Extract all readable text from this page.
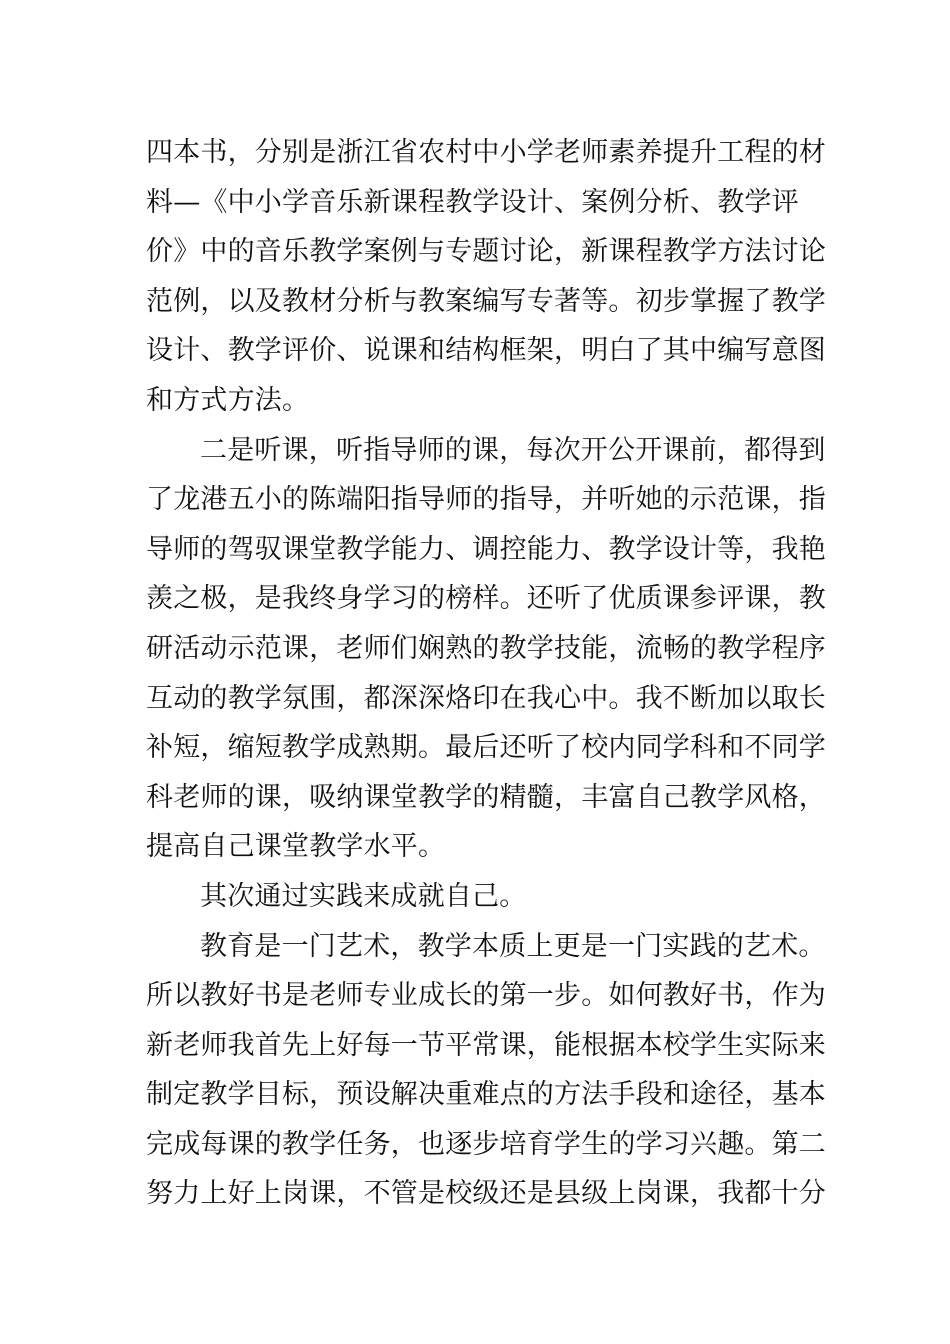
四本书，分别是浙江省农村中小学老师素养提升工程的材
料—《中小学音乐新课程教学设计、案例分析、教学评
价》中的音乐教学案例与专题讨论，新课程教学方法讨论
范例，以及教材分析与教案编写专著等。初步掌握了教学
设计、教学评价、说课和结构框架，明白了其中编写意图
和方式方法。
二是听课，听指导师的课，每次开公开课前，都得到
了龙港五小的陈端阳指导师的指导，并听她的示范课，指
导师的驾驭课堂教学能力、调控能力、教学设计等，我艳
羡之极，是我终身学习的榜样。还听了优质课参评课，教
研活动示范课，老师们娴熟的教学技能，流畅的教学程序
互动的教学氛围，都深深烙印在我心中。我不断加以取长
补短，缩短教学成熟期。最后还听了校内同学科和不同学
科老师的课，吸纳课堂教学的精髓，丰富自己教学风格，
提高自己课堂教学水平。
其次通过实践来成就自己。
教育是一门艺术，教学本质上更是一门实践的艺术。
所以教好书是老师专业成长的第一步。如何教好书，作为
新老师我首先上好每一节平常课，能根据本校学生实际来
制定教学目标，预设解决重难点的方法手段和途径，基本
完成每课的教学任务，也逐步培育学生的学习兴趣。第二
努力上好上岗课，不管是校级还是县级上岗课，我都十分
